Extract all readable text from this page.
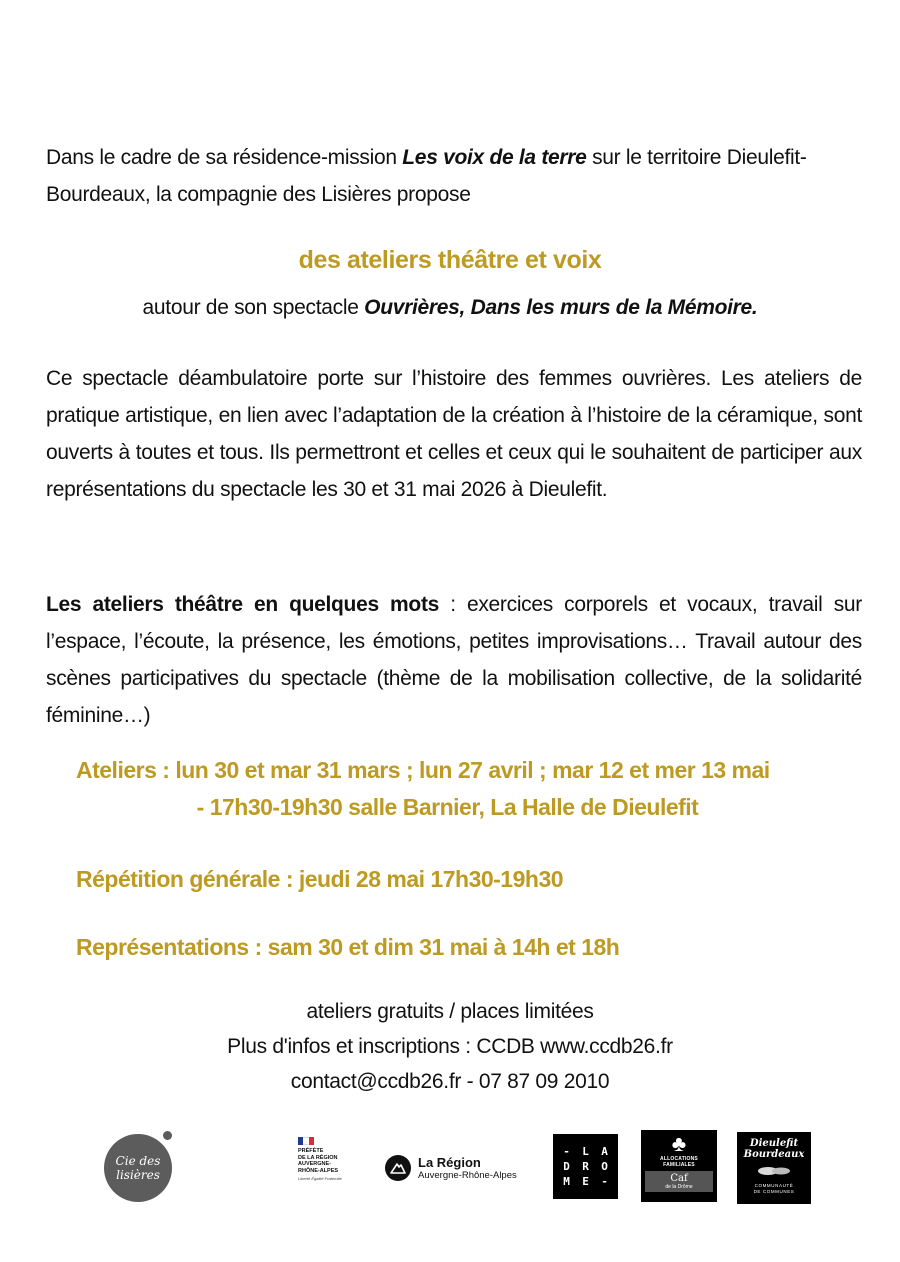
Dans le cadre de sa résidence-mission Les voix de la terre sur le territoire Dieulefit-Bourdeaux, la compagnie des Lisières propose

des ateliers théâtre et voix

autour de son spectacle Ouvrières, Dans les murs de la Mémoire.

Ce spectacle déambulatoire porte sur l’histoire des femmes ouvrières. Les ateliers de pratique artistique, en lien avec l’adaptation de la création à l’histoire de la céramique, sont ouverts à toutes et tous. Ils permettront et celles et ceux qui le souhaitent de participer aux représentations du spectacle les 30 et 31 mai 2026 à Dieulefit.

Les ateliers théâtre en quelques mots : exercices corporels et vocaux, travail sur l’espace, l’écoute, la présence, les émotions, petites improvisations… Travail autour des scènes participatives du spectacle (thème de la mobilisation collective, de la solidarité féminine…)

Ateliers : lun 30 et mar 31 mars ; lun 27 avril ; mar 12 et mer 13 mai

- 17h30-19h30 salle Barnier, La Halle de Dieulefit

Répétition générale : jeudi 28 mai 17h30-19h30

Représentations : sam 30 et dim 31 mai à 14h et 18h

ateliers gratuits / places limitées

Plus d'infos et inscriptions : CCDB www.ccdb26.fr

contact@ccdb26.fr - 07 87 09 2010

Cie des
lisières
PRÉFÈTE
DE LA RÉGION
AUVERGNE-
RHÔNE-ALPES
Liberté Égalité Fraternité
La Région
Auvergne-Rhône-Alpes
-	L	A
D	R	O
M	E	-
♣
ALLOCATIONS
FAMILIALES
Caf
de la Drôme
Dieulefit
Bourdeaux
COMMUNAUTÉ
DE COMMUNES
